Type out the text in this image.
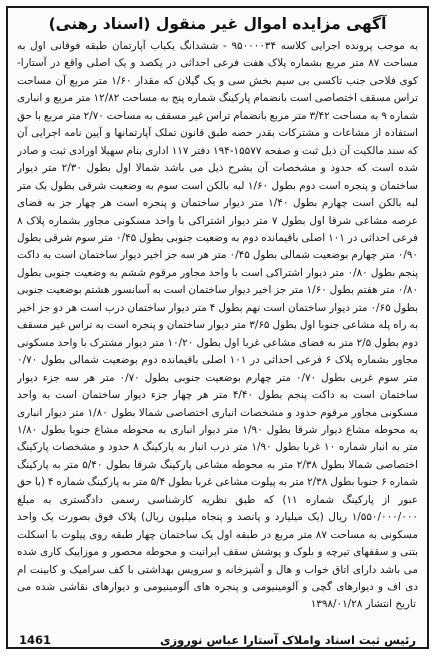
آگهی مزایده اموال غیر منقول (اسناد رهنی)

به موجب پرونده اجرایی کلاسه ۹۵۰۰۰۰۳۴ - ششدانگ یکباب آپارتمان طبقه فوقانی اول به مساحت ۸۷ متر مربع بشماره پلاک هفت فرعی احداثی در یکصد و یک اصلی واقع در آستارا- کوی فلاحی جنب تاکسی بی سیم بخش سی و یک گیلان که مقدار ۱/۶۰ متر مربع آن مساحت تراس مسقف اختصاصی است بانضمام پارکینگ شماره پنج به مساحت ۱۲/۸۲ متر مربع و انباری شماره ۹ به مساحت ۳/۴۲ متر مربع بانضمام تراس غیر مسقف به مساحت ۲/۷۰ متر مربع با حق استفاده از مشاعات و مشترکات بقدر حصه طبق قانون تملک آپارتمانها و آیین نامه اجرایی آن که سند مالکیت آن ذیل ثبت و صفحه ۱۵۵۷۷-۱۹۴ دفتر ۱۱۷ اداری بنام سهیلا اورادی ثبت و صادر شده است که حدود و مشخصات آن بشرح ذیل می باشد شمالا اول بطول ۲/۳۰ متر دیوار ساختمان و پنجره است دوم بطول ۱/۶۰ لبه بالکن است سوم به وضعیت شرقی بطول یک متر لبه بالکن است چهارم بطول ۱/۴۰ متر دیوار ساختمان و پنجره است هر چهار جز به فضای عرصه مشاعی شرقا اول بطول ۷ متر دیوار اشتراکی با واحد مسکونی مجاور بشماره پلاک ۸ فرعی احداثی در ۱۰۱ اصلی باقیمانده دوم به وضعیت جنوبی بطول ۰/۴۵ متر سوم شرقی بطول ۰/۹۰ متر چهارم بوضعیت شمالی بطول ۰/۴۵ متر هر سه جز اخیر دیوار ساختمان است به داکت پنجم بطول ۰/۸۰ متر دیوار اشتراکی است با واحد مجاور مرقوم ششم به وضعیت جنوبی بطول ۰/۸۰ متر هفتم بطول ۱/۶۰ متر جز اخیر دیوار ساختمان است به آسانسور هشتم بوضعیت جنوبی بطول ۰/۶۵ متر دیوار ساختمان است نهم بطول ۴ متر دیوار ساختمان درب است هر دو جز اخیر به راه پله مشاعی جنوبا اول بطول ۳/۶۵ متر دیوار ساختمان و پنجره است به تراس غیر مسقف دوم بطول ۲/۵ متر به فضای مشاعی غربا اول بطول ۱۰/۲۰ متر دیوار مشترک با واحد مسکونی مجاور بشماره پلاک ۶ فرعی احداثی در ۱۰۱ اصلی باقیمانده دوم بوضعیت شمالی بطول ۰/۷۰ متر سوم غربی بطول ۰/۷۰ متر چهارم بوضعیت جنوبی بطول ۰/۷۰ متر هر سه جزء دیوار ساختمان است به داکت پنجم بطول ۴/۴۰ متر هر چهار جزء دیوار ساختمان است به واحد مسکونی مجاور مرقوم حدود و مشخصات انباری اختصاصی شمالا بطول ۱/۸۰ متر دیوار انباری به محوطه مشاع دیوار شرقا بطول ۱/۹۰ متر دیوار انباری به محوطه مشاع جنوبا بطول ۱/۸۰ متر به انبار شماره ۱۰ غربا بطول ۱/۹۰ متر درب انبار به پارکینگ ۸ حدود و مشخصات پارکینگ اختصاصی شمالا بطول ۲/۳۸ متر به محوطه مشاعی پارکینگ شرقا بطول ۵/۴۰ متر به پارکینگ شماره ۶ جنوبا بطول ۲/۳۸ متر به پیلوت مشاعی غربا بطول ۵/۴ متر به پارکینگ شماره ۴ (با حق عبور از پارکینگ شماره ۱۱) که طبق نظریه کارشناسی رسمی دادگستری به مبلغ ۱/۵۵۰/۰۰۰/۰۰۰ ریال (یک میلیارد و پانصد و پنجاه میلیون ریال) پلاک فوق بصورت یک واحد مسکونی به مساحت ۸۷ متر مربع در طبقه اول یک ساختمان چهار طبقه روی پیلوت با اسکلت بتنی و سقفهای تیرچه و بلوک و پوشش سقف ایرانیت و محوطه محصور و موزاییک کاری شده می باشد دارای اتاق خواب و هال و آشپزخانه و سرویس بهداشتی با کف سرامیک و کابینت ام دی اف و دیوارهای گچی و آلومینیومی و پنجره های آلومینیومی و دیوارهای نقاشی شده می

تاریخ انتشار ۱۳۹۸/۰۱/۲۸

رئیس ثبت اسناد واملاک آستارا عباس نوروزی
1461
